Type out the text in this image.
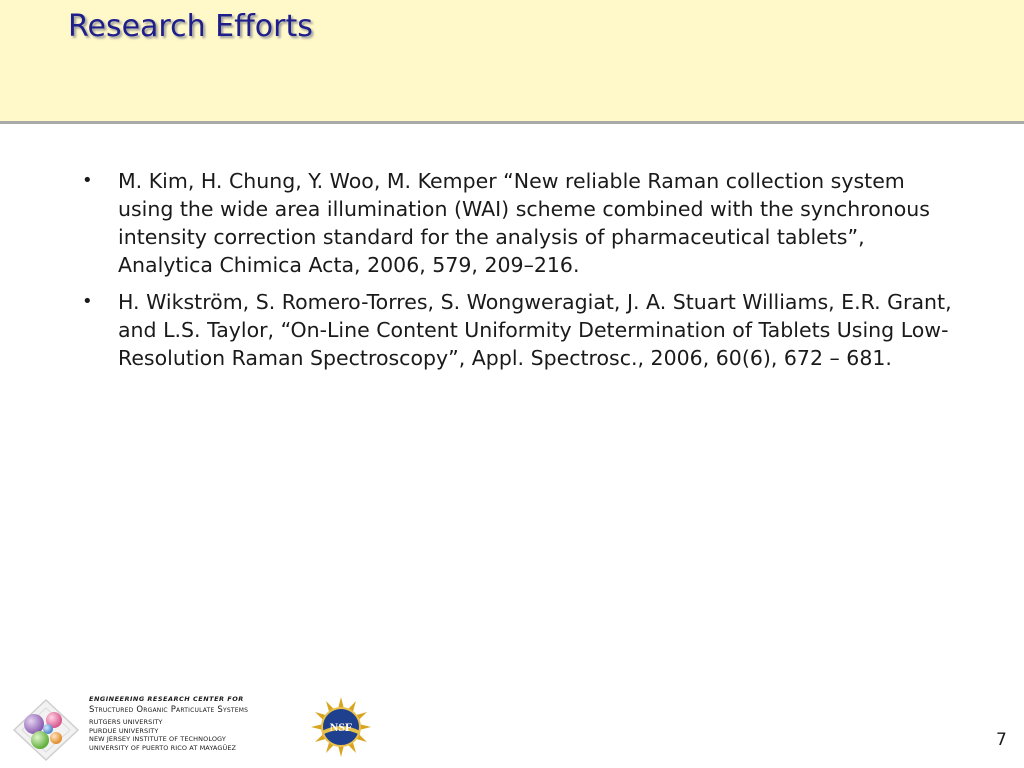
Research Efforts
• M. Kim, H. Chung, Y. Woo, M. Kemper “New reliable Raman collection system using the wide area illumination (WAI) scheme combined with the synchronous intensity correction standard for the analysis of pharmaceutical tablets”, Analytica Chimica Acta, 2006, 579, 209–216.
• H. Wikström, S. Romero-Torres, S. Wongweragiat, J. A. Stuart Williams, E.R. Grant, and L.S. Taylor, “On-Line Content Uniformity Determination of Tablets Using Low-Resolution Raman Spectroscopy”, Appl. Spectrosc., 2006, 60(6), 672 – 681.
ENGINEERING RESEARCH CENTER FOR
Structured Organic Particulate Systems
RUTGERS UNIVERSITY
PURDUE UNIVERSITY
NEW JERSEY INSTITUTE OF TECHNOLOGY
UNIVERSITY OF PUERTO RICO AT MAYAGÜEZ
NSF
7
